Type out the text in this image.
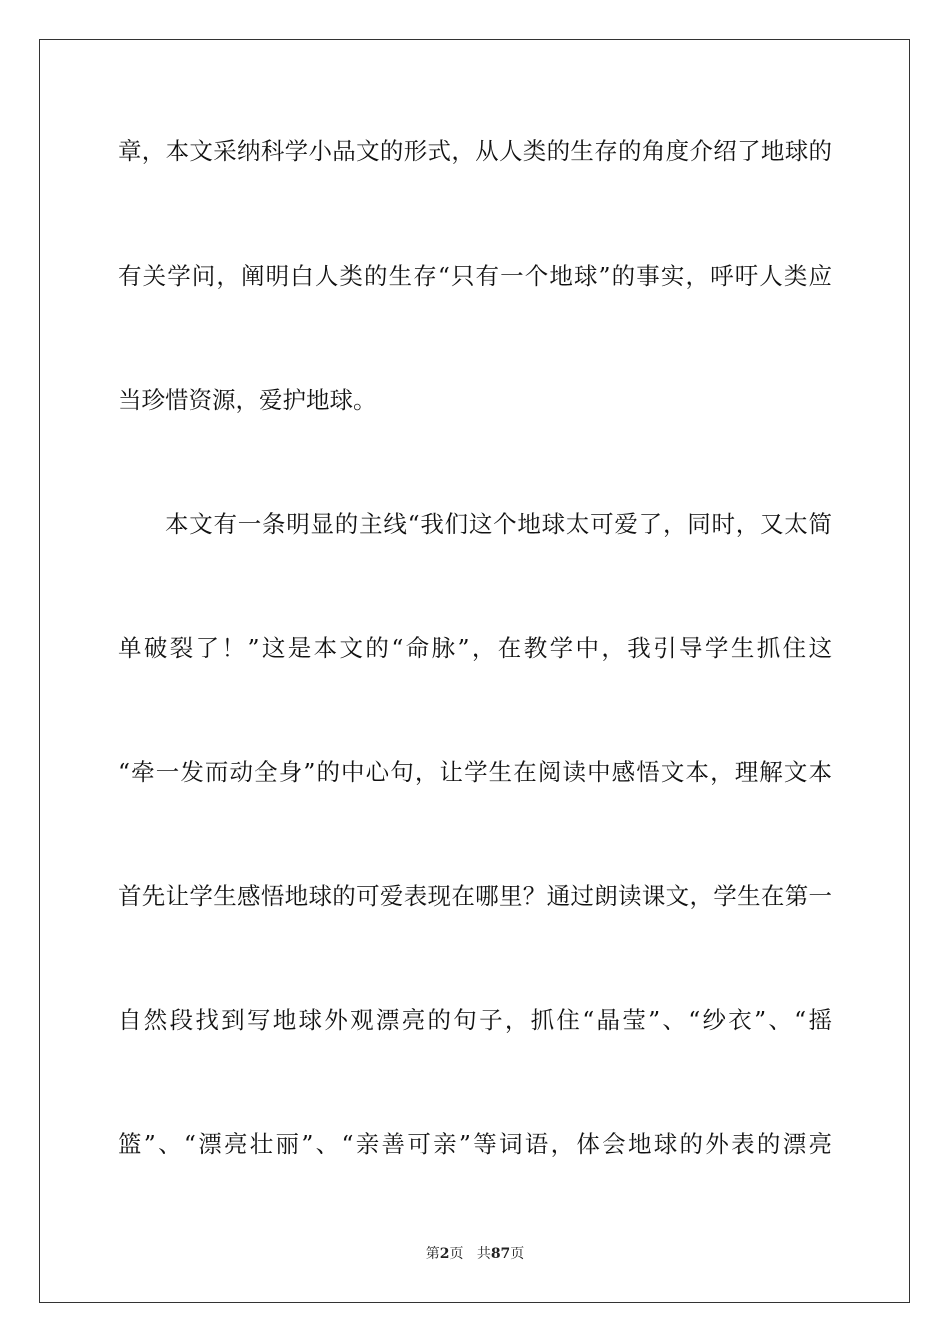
章，本文采纳科学小品文的形式，从人类的生存的角度介绍了地球的
有关学问，阐明白人类的生存“只有一个地球”的事实，呼吁人类应
当珍惜资源，爱护地球。
本文有一条明显的主线“我们这个地球太可爱了，同时，又太简
单破裂了！”这是本文的“命脉”，在教学中，我引导学生抓住这
“牵一发而动全身”的中心句，让学生在阅读中感悟文本，理解文本
首先让学生感悟地球的可爱表现在哪里？通过朗读课文，学生在第一
自然段找到写地球外观漂亮的句子，抓住“晶莹”、“纱衣”、“摇
篮”、“漂亮壮丽”、“亲善可亲”等词语，体会地球的外表的漂亮
第2页 共87页
